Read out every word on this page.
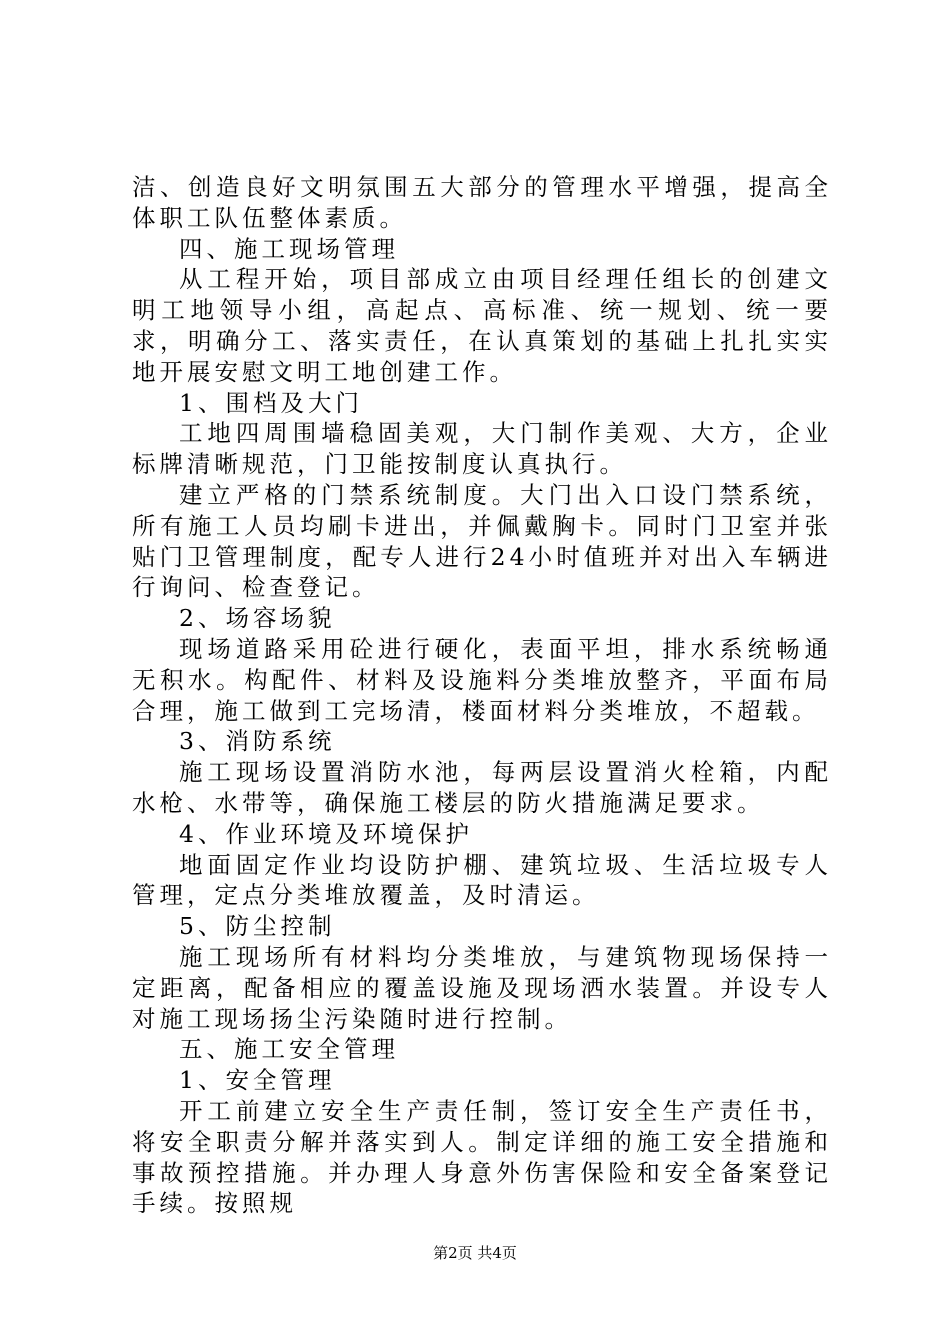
洁、创造良好文明氛围五大部分的管理水平增强，提高全体职工队伍整体素质。

四、施工现场管理

从工程开始，项目部成立由项目经理任组长的创建文明工地领导小组，高起点、高标准、统一规划、统一要求，明确分工、落实责任，在认真策划的基础上扎扎实实地开展安慰文明工地创建工作。

1、围档及大门

工地四周围墙稳固美观，大门制作美观、大方，企业标牌清晰规范，门卫能按制度认真执行。

建立严格的门禁系统制度。大门出入口设门禁系统，所有施工人员均刷卡进出，并佩戴胸卡。同时门卫室并张贴门卫管理制度，配专人进行24小时值班并对出入车辆进行询问、检查登记。

2、场容场貌

现场道路采用砼进行硬化，表面平坦，排水系统畅通无积水。构配件、材料及设施料分类堆放整齐，平面布局合理，施工做到工完场清，楼面材料分类堆放，不超载。

3、消防系统

施工现场设置消防水池，每两层设置消火栓箱，内配水枪、水带等，确保施工楼层的防火措施满足要求。

4、作业环境及环境保护

地面固定作业均设防护棚、建筑垃圾、生活垃圾专人管理，定点分类堆放覆盖，及时清运。

5、防尘控制

施工现场所有材料均分类堆放，与建筑物现场保持一定距离，配备相应的覆盖设施及现场洒水装置。并设专人对施工现场扬尘污染随时进行控制。

五、施工安全管理

1、安全管理

开工前建立安全生产责任制，签订安全生产责任书，将安全职责分解并落实到人。制定详细的施工安全措施和事故预控措施。并办理人身意外伤害保险和安全备案登记手续。按照规

第2页 共4页
